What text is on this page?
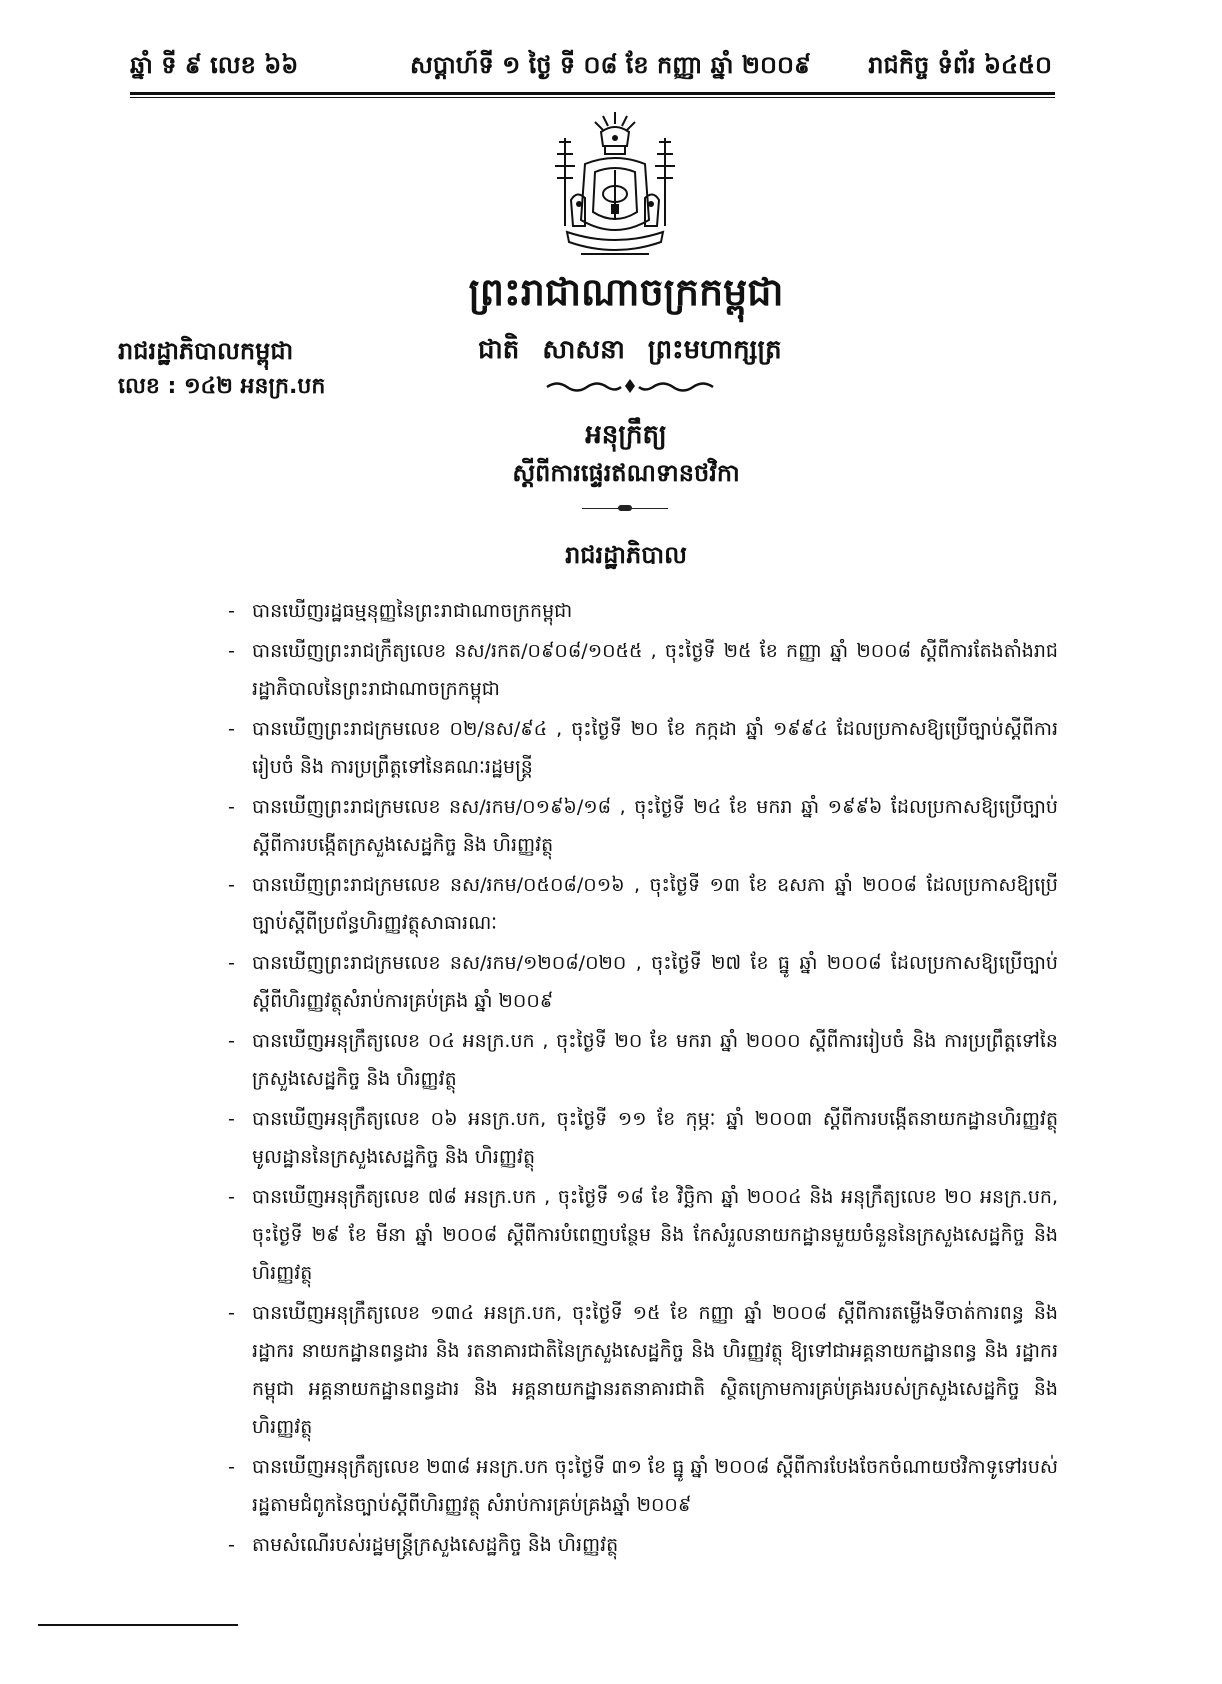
ឆ្នាំ ទី ៩ លេខ ៦៦	សប្តាហ៍ទី ១ ថ្ងៃ ទី ០៨ ខែ កញ្ញា ឆ្នាំ ២០០៩ រាជកិច្ច ទំព័រ ៦៤៥០
ព្រះរាជាណាចក្រកម្ពុជា
រាជរដ្ឋាភិបាលកម្ពុជា
លេខ : ១៤២ អនក្រ.បក
ជាតិ សាសនា ព្រះមហាក្សត្រ
អនុក្រឹត្យ
ស្តីពីការផ្ទេរឥណទានថវិកា
រាជរដ្ឋាភិបាល
- បានឃើញរដ្ឋធម្មនុញ្ញនៃព្រះរាជាណាចក្រកម្ពុជា
- បានឃើញព្រះរាជក្រឹត្យលេខ នស/រកត/០៩០៨/១០៥៥ , ចុះថ្ងៃទី ២៥ ខែ កញ្ញា ឆ្នាំ ២០០៨ ស្តីពីការតែងតាំងរាជរដ្ឋាភិបាលនៃព្រះរាជាណាចក្រកម្ពុជា
- បានឃើញព្រះរាជក្រមលេខ ០២/នស/៩៤ , ចុះថ្ងៃទី ២០ ខែ កក្កដា ឆ្នាំ ១៩៩៤ ដែលប្រកាសឱ្យប្រើច្បាប់ស្តីពីការរៀបចំ និង ការប្រព្រឹត្តទៅនៃគណៈរដ្ឋមន្ត្រី
- បានឃើញព្រះរាជក្រមលេខ នស/រកម/០១៩៦/១៨ , ចុះថ្ងៃទី ២៤ ខែ មករា ឆ្នាំ ១៩៩៦ ដែលប្រកាសឱ្យប្រើច្បាប់ស្តីពីការបង្កើតក្រសួងសេដ្ឋកិច្ច និង ហិរញ្ញវត្ថុ
- បានឃើញព្រះរាជក្រមលេខ នស/រកម/០៥០៨/០១៦ , ចុះថ្ងៃទី ១៣ ខែ ឧសភា ឆ្នាំ ២០០៨ ដែលប្រកាសឱ្យប្រើច្បាប់ស្តីពីប្រព័ន្ធហិរញ្ញវត្ថុសាធារណៈ
- បានឃើញព្រះរាជក្រមលេខ នស/រកម/១២០៨/០២០ , ចុះថ្ងៃទី ២៧ ខែ ធ្នូ ឆ្នាំ ២០០៨ ដែលប្រកាសឱ្យប្រើច្បាប់ស្តីពីហិរញ្ញវត្ថុសំរាប់ការគ្រប់គ្រង ឆ្នាំ ២០០៩
- បានឃើញអនុក្រឹត្យលេខ ០៤ អនក្រ.បក , ចុះថ្ងៃទី ២០ ខែ មករា ឆ្នាំ ២០០០ ស្តីពីការរៀបចំ និង ការប្រព្រឹត្តទៅនៃក្រសួងសេដ្ឋកិច្ច និង ហិរញ្ញវត្ថុ
- បានឃើញអនុក្រឹត្យលេខ ០៦ អនក្រ.បក, ចុះថ្ងៃទី ១១ ខែ កុម្ភៈ ឆ្នាំ ២០០៣ ស្តីពីការបង្កើតនាយកដ្ឋានហិរញ្ញវត្ថុមូលដ្ឋាននៃក្រសួងសេដ្ឋកិច្ច និង ហិរញ្ញវត្ថុ
- បានឃើញអនុក្រឹត្យលេខ ៧៨ អនក្រ.បក , ចុះថ្ងៃទី ១៨ ខែ វិច្ឆិកា ឆ្នាំ ២០០៤ និង អនុក្រឹត្យលេខ ២០ អនក្រ.បក, ចុះថ្ងៃទី ២៩ ខែ មីនា ឆ្នាំ ២០០៨ ស្តីពីការបំពេញបន្ថែម និង កែសំរួលនាយកដ្ឋានមួយចំនួននៃក្រសួងសេដ្ឋកិច្ច និង ហិរញ្ញវត្ថុ
- បានឃើញអនុក្រឹត្យលេខ ១៣៤ អនក្រ.បក, ចុះថ្ងៃទី ១៥ ខែ កញ្ញា ឆ្នាំ ២០០៨ ស្តីពីការតម្លើងទីចាត់ការពន្ធ និង រដ្ឋាករ នាយកដ្ឋានពន្ធដារ និង រតនាគារជាតិនៃក្រសួងសេដ្ឋកិច្ច និង ហិរញ្ញវត្ថុ ឱ្យទៅជាអគ្គនាយកដ្ឋានពន្ធ និង រដ្ឋាករកម្ពុជា អគ្គនាយកដ្ឋានពន្ធដារ និង អគ្គនាយកដ្ឋានរតនាគារជាតិ ស្ថិតក្រោមការគ្រប់គ្រងរបស់ក្រសួងសេដ្ឋកិច្ច និង ហិរញ្ញវត្ថុ
- បានឃើញអនុក្រឹត្យលេខ ២៣៨ អនក្រ.បក ចុះថ្ងៃទី ៣១ ខែ ធ្នូ ឆ្នាំ ២០០៨ ស្តីពីការបែងចែកចំណាយថវិកាទូទៅរបស់រដ្ឋតាមជំពូកនៃច្បាប់ស្តីពីហិរញ្ញវត្ថុ សំរាប់ការគ្រប់គ្រងឆ្នាំ ២០០៩
- តាមសំណើរបស់រដ្ឋមន្ត្រីក្រសួងសេដ្ឋកិច្ច និង ហិរញ្ញវត្ថុ
